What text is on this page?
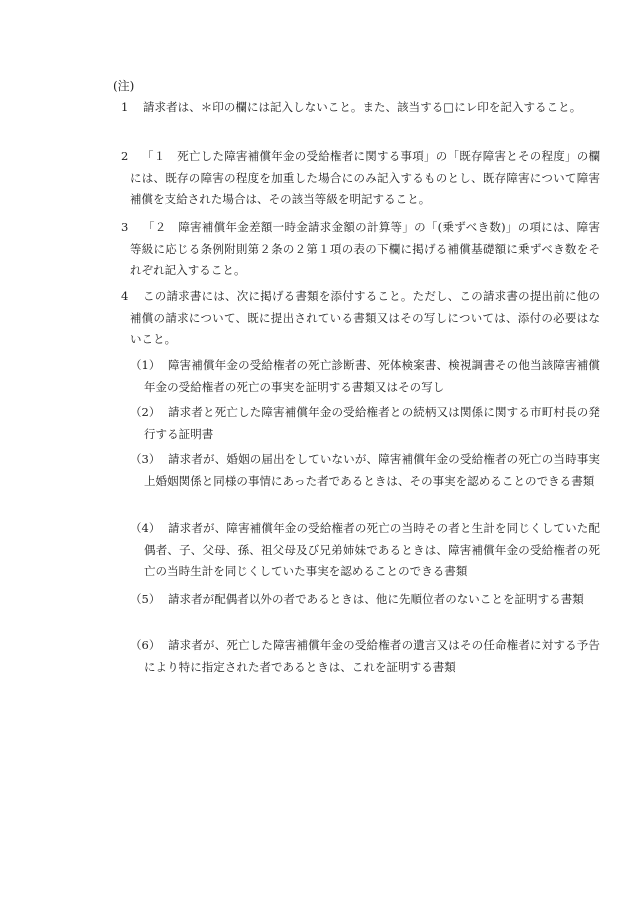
(注)
1	請求者は、＊印の欄には記入しないこと。また、該当する□にレ印を記入すること。

2	「１　死亡した障害補償年金の受給権者に関する事項」の「既存障害とその程度」の欄には、既存の障害の程度を加重した場合にのみ記入するものとし、既存障害について障害補償を支給された場合は、その該当等級を明記すること。

3	「２　障害補償年金差額一時金請求金額の計算等」の「(乗ずべき数)」の項には、障害等級に応じる条例附則第２条の２第１項の表の下欄に掲げる補償基礎額に乗ずべき数をそれぞれ記入すること。

4	この請求書には、次に掲げる書類を添付すること。ただし、この請求書の提出前に他の補償の請求について、既に提出されている書類又はその写しについては、添付の必要はないこと。

（1） 障害補償年金の受給権者の死亡診断書、死体検案書、検視調書その他当該障害補償年金の受給権者の死亡の事実を証明する書類又はその写し

（2） 請求者と死亡した障害補償年金の受給権者との続柄又は関係に関する市町村長の発行する証明書

（3） 請求者が、婚姻の届出をしていないが、障害補償年金の受給権者の死亡の当時事実上婚姻関係と同様の事情にあった者であるときは、その事実を認めることのできる書類

（4） 請求者が、障害補償年金の受給権者の死亡の当時その者と生計を同じくしていた配偶者、子、父母、孫、祖父母及び兄弟姉妹であるときは、障害補償年金の受給権者の死亡の当時生計を同じくしていた事実を認めることのできる書類

（5） 請求者が配偶者以外の者であるときは、他に先順位者のないことを証明する書類

（6） 請求者が、死亡した障害補償年金の受給権者の遺言又はその任命権者に対する予告により特に指定された者であるときは、これを証明する書類
